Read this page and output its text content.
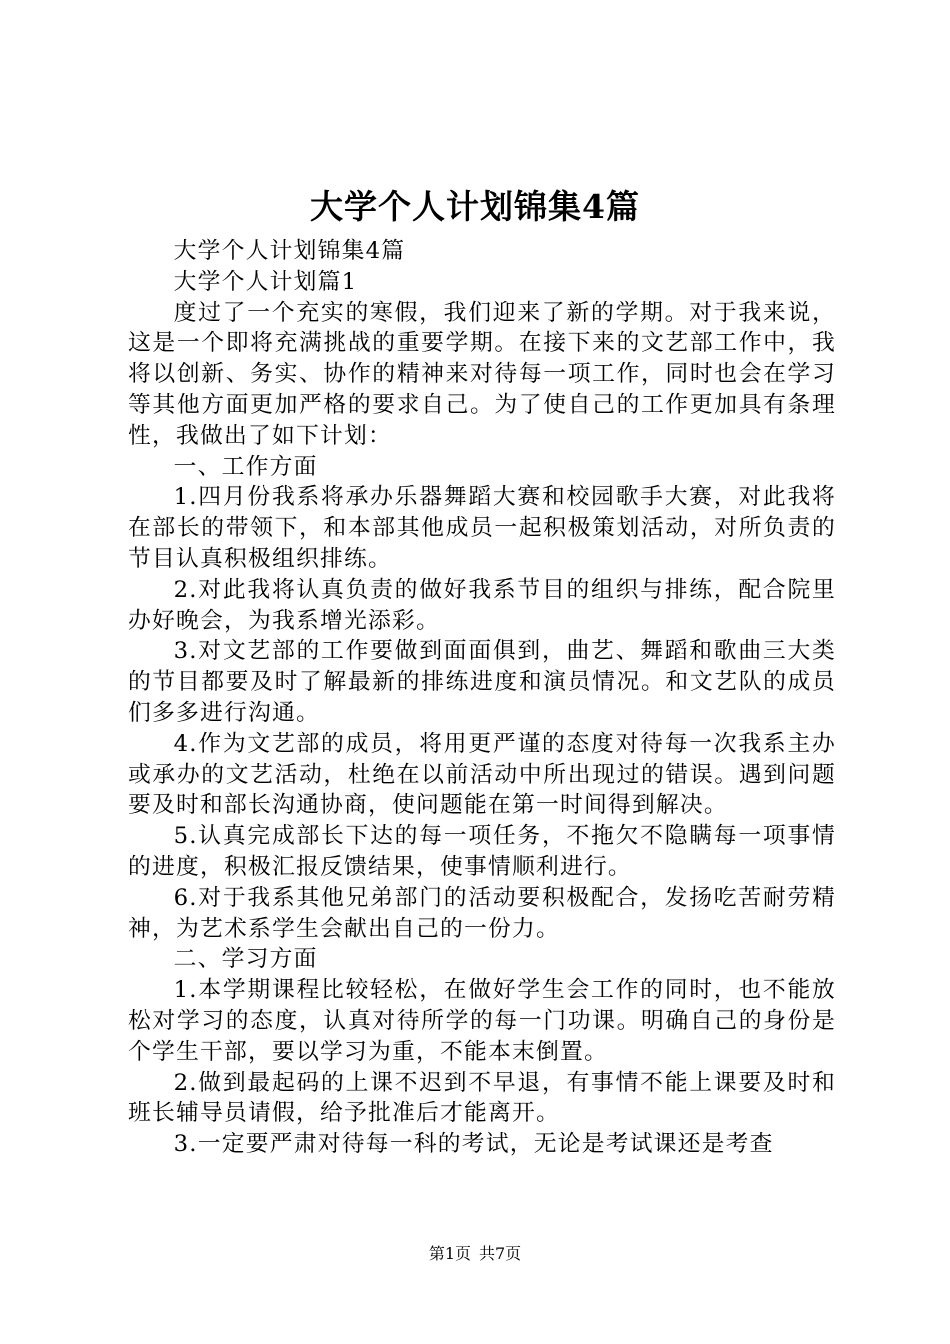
大学个人计划锦集4篇

大学个人计划锦集4篇

大学个人计划篇1

度过了一个充实的寒假，我们迎来了新的学期。对于我来说，这是一个即将充满挑战的重要学期。在接下来的文艺部工作中，我将以创新、务实、协作的精神来对待每一项工作，同时也会在学习等其他方面更加严格的要求自己。为了使自己的工作更加具有条理性，我做出了如下计划：

一、工作方面

1.四月份我系将承办乐器舞蹈大赛和校园歌手大赛，对此我将在部长的带领下，和本部其他成员一起积极策划活动，对所负责的节目认真积极组织排练。

2.对此我将认真负责的做好我系节目的组织与排练，配合院里办好晚会，为我系增光添彩。

3.对文艺部的工作要做到面面俱到，曲艺、舞蹈和歌曲三大类的节目都要及时了解最新的排练进度和演员情况。和文艺队的成员们多多进行沟通。

4.作为文艺部的成员，将用更严谨的态度对待每一次我系主办或承办的文艺活动，杜绝在以前活动中所出现过的错误。遇到问题要及时和部长沟通协商，使问题能在第一时间得到解决。

5.认真完成部长下达的每一项任务，不拖欠不隐瞒每一项事情的进度，积极汇报反馈结果，使事情顺利进行。

6.对于我系其他兄弟部门的活动要积极配合，发扬吃苦耐劳精神，为艺术系学生会献出自己的一份力。

二、学习方面

1.本学期课程比较轻松，在做好学生会工作的同时，也不能放松对学习的态度，认真对待所学的每一门功课。明确自己的身份是个学生干部，要以学习为重，不能本末倒置。

2.做到最起码的上课不迟到不早退，有事情不能上课要及时和班长辅导员请假，给予批准后才能离开。

3.一定要严肃对待每一科的考试，无论是考试课还是考查

第1页 共7页
